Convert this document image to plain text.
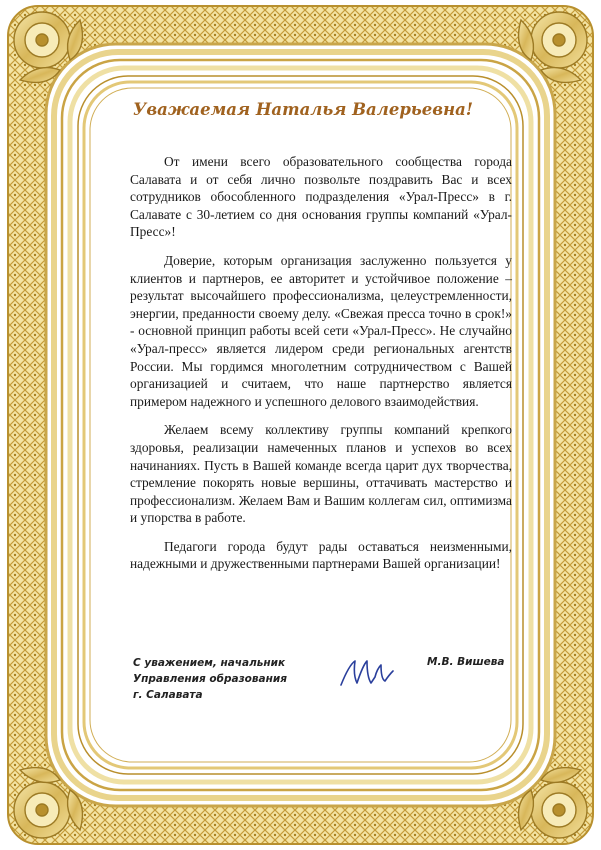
Уважаемая Наталья Валерьевна!

От имени всего образовательного сообщества города Салавата и от себя лично позвольте поздравить Вас и всех сотрудников обособленного подразделения «Урал-Пресс» в г. Салавате с 30-летием со дня основания группы компаний «Урал-Пресс»!

Доверие, которым организация заслуженно пользуется у клиентов и партнеров, ее авторитет и устойчивое положение – результат высочайшего профессионализма, целеустремленности, энергии, преданности своему делу. «Свежая пресса точно в срок!» - основной принцип работы всей сети «Урал-Пресс». Не случайно «Урал-пресс» является лидером среди региональных агентств России. Мы гордимся многолетним сотрудничеством с Вашей организацией и считаем, что наше партнерство является примером надежного и успешного делового взаимодействия.

Желаем всему коллективу группы компаний крепкого здоровья, реализации намеченных планов и успехов во всех начинаниях. Пусть в Вашей команде всегда царит дух творчества, стремление покорять новые вершины, оттачивать мастерство и профессионализм. Желаем Вам и Вашим коллегам сил, оптимизма и упорства в работе.

Педагоги города будут рады оставаться неизменными, надежными и дружественными партнерами Вашей организации!

С уважением, начальник
Управления образования
г. Салавата
М.В. Вишева
